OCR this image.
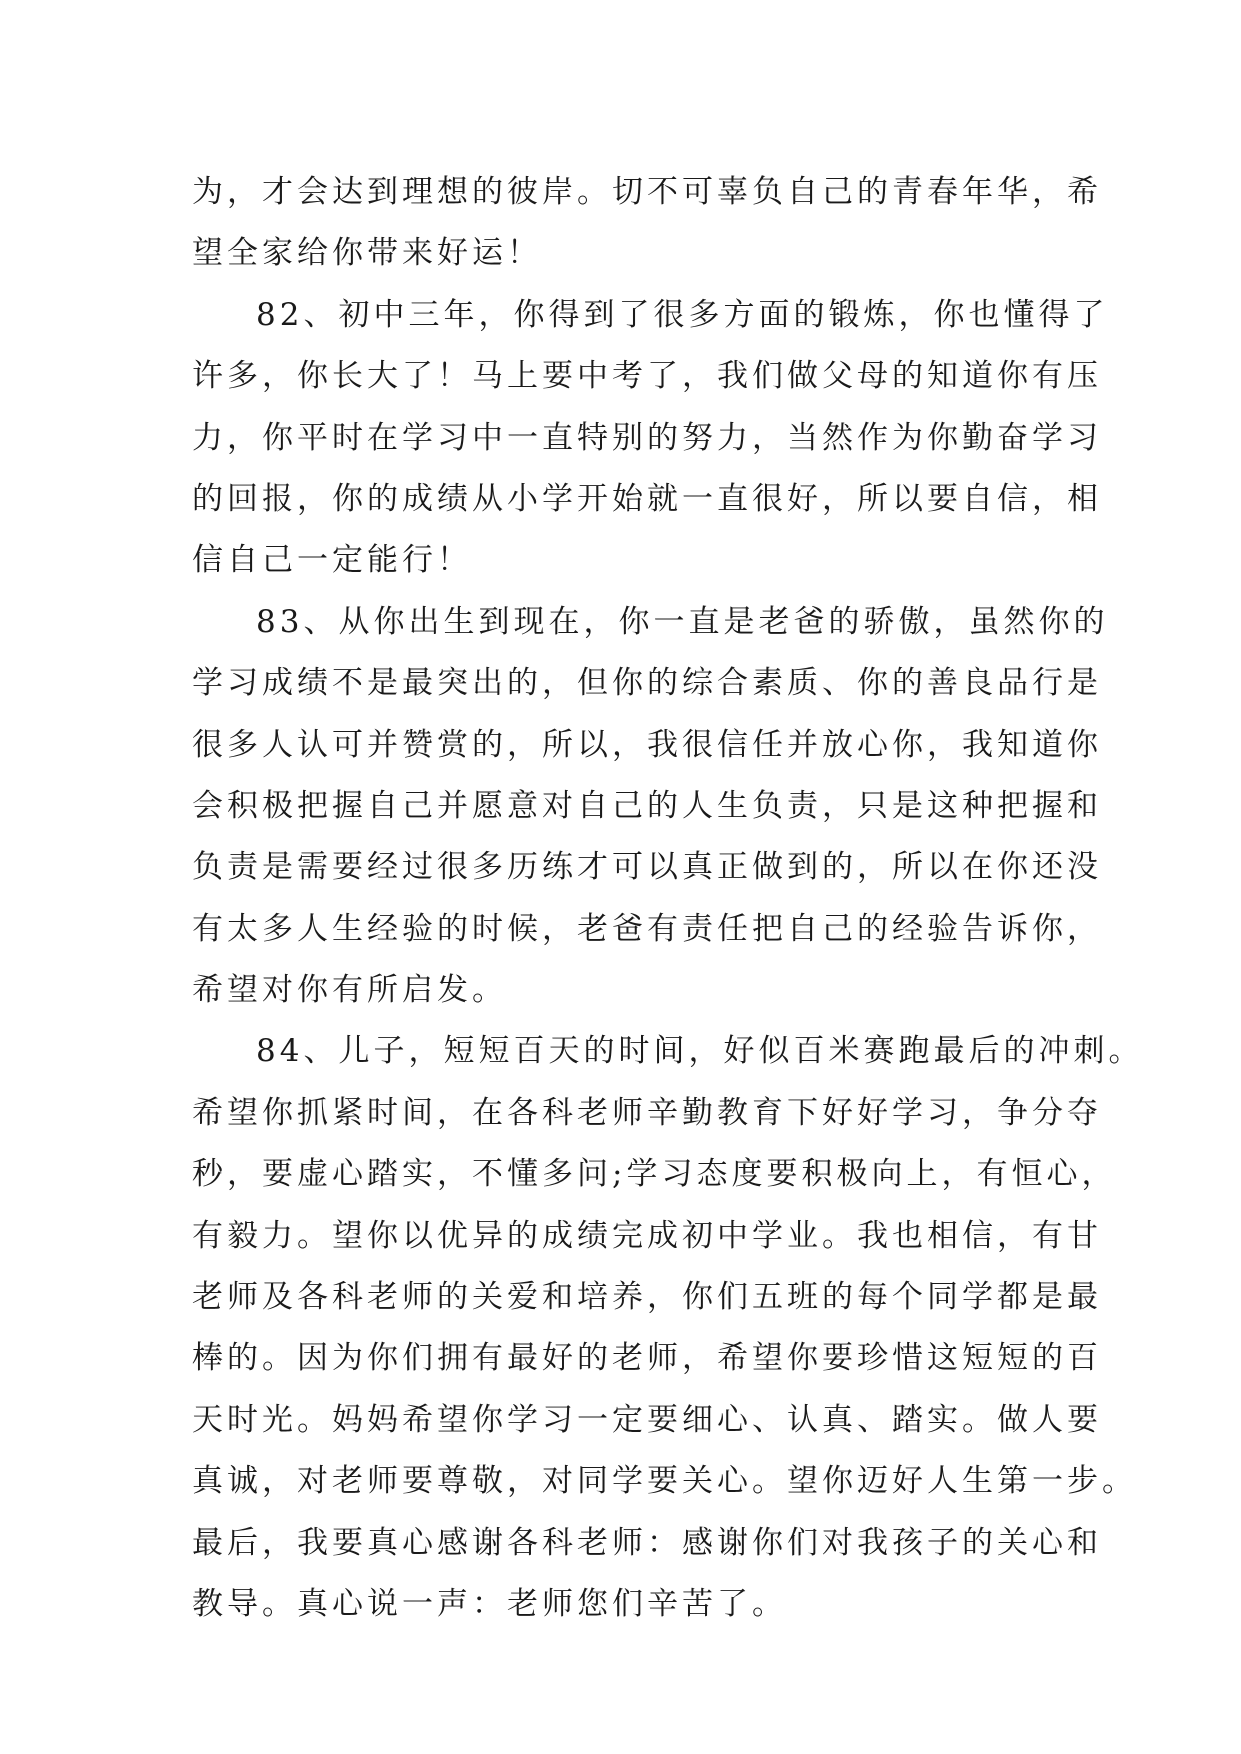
为，才会达到理想的彼岸。切不可辜负自己的青春年华，希
望全家给你带来好运！
82、初中三年，你得到了很多方面的锻炼，你也懂得了
许多，你长大了！马上要中考了，我们做父母的知道你有压
力，你平时在学习中一直特别的努力，当然作为你勤奋学习
的回报，你的成绩从小学开始就一直很好，所以要自信，相
信自己一定能行！
83、从你出生到现在，你一直是老爸的骄傲，虽然你的
学习成绩不是最突出的，但你的综合素质、你的善良品行是
很多人认可并赞赏的，所以，我很信任并放心你，我知道你
会积极把握自己并愿意对自己的人生负责，只是这种把握和
负责是需要经过很多历练才可以真正做到的，所以在你还没
有太多人生经验的时候，老爸有责任把自己的经验告诉你，
希望对你有所启发。
84、儿子，短短百天的时间，好似百米赛跑最后的冲刺。
希望你抓紧时间，在各科老师辛勤教育下好好学习，争分夺
秒，要虚心踏实，不懂多问;学习态度要积极向上，有恒心，
有毅力。望你以优异的成绩完成初中学业。我也相信，有甘
老师及各科老师的关爱和培养，你们五班的每个同学都是最
棒的。因为你们拥有最好的老师，希望你要珍惜这短短的百
天时光。妈妈希望你学习一定要细心、认真、踏实。做人要
真诚，对老师要尊敬，对同学要关心。望你迈好人生第一步。
最后，我要真心感谢各科老师：感谢你们对我孩子的关心和
教导。真心说一声：老师您们辛苦了。
